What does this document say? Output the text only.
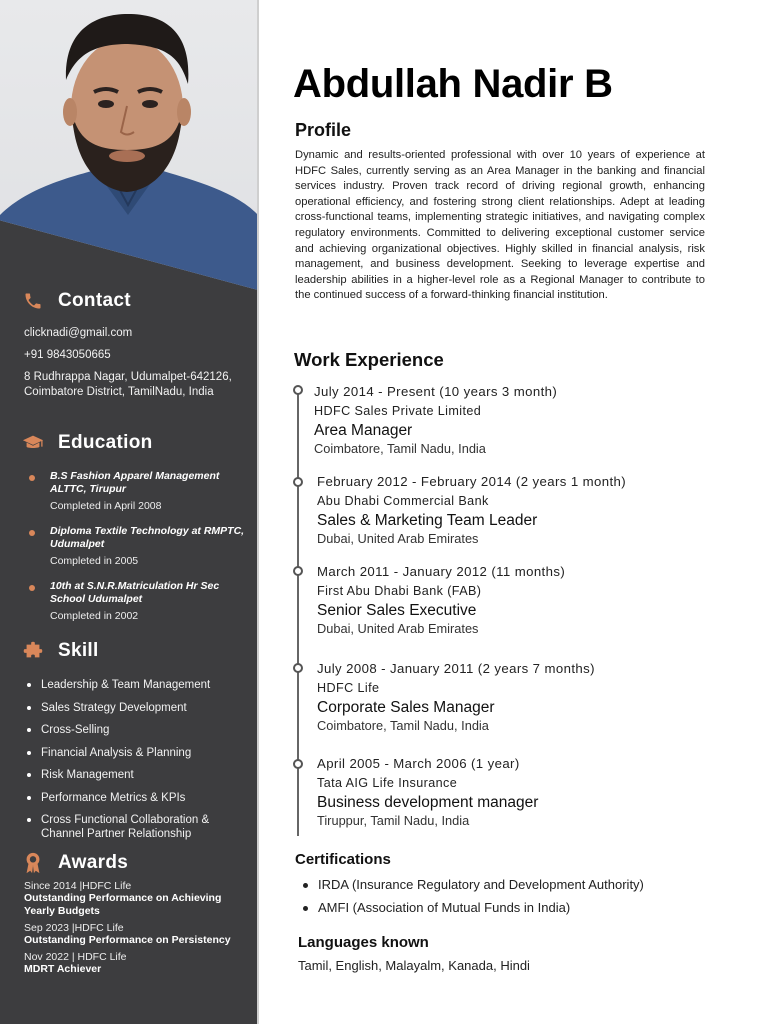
Contact
clicknadi@gmail.com
+91 9843050665
8 Rudhrappa Nagar, Udumalpet-642126, Coimbatore District, TamilNadu, India
Education
B.S Fashion Apparel Management ALTTC, Tirupur
Completed in April 2008
Diploma Textile Technology at RMPTC, Udumalpet
Completed in 2005
10th at S.N.R.Matriculation Hr Sec School Udumalpet
Completed in 2002
Skill
Leadership & Team Management
Sales Strategy Development
Cross-Selling
Financial Analysis & Planning
Risk Management
Performance Metrics & KPIs
Cross Functional Collaboration & Channel Partner Relationship
Awards
Since 2014 |HDFC Life
Outstanding Performance on Achieving Yearly Budgets
Sep 2023 |HDFC Life
Outstanding Performance on Persistency
Nov 2022 | HDFC Life
MDRT Achiever
Abdullah Nadir B
Profile
Dynamic and results-oriented professional with over 10 years of experience at HDFC Sales, currently serving as an Area Manager in the banking and financial services industry. Proven track record of driving regional growth, enhancing operational efficiency, and fostering strong client relationships. Adept at leading cross-functional teams, implementing strategic initiatives, and navigating complex regulatory environments. Committed to delivering exceptional customer service and achieving organizational objectives. Highly skilled in financial analysis, risk management, and business development. Seeking to leverage expertise and leadership abilities in a higher-level role as a Regional Manager to contribute to the continued success of a forward-thinking financial institution.
Work Experience
July 2014 - Present (10 years 3 month)
HDFC Sales Private Limited
Area Manager
Coimbatore, Tamil Nadu, India
February 2012 - February 2014 (2 years 1 month)
Abu Dhabi Commercial Bank
Sales & Marketing Team Leader
Dubai, United Arab Emirates
March 2011 - January 2012 (11 months)
First Abu Dhabi Bank (FAB)
Senior Sales Executive
Dubai, United Arab Emirates
July 2008 - January 2011 (2 years 7 months)
HDFC Life
Corporate Sales Manager
Coimbatore, Tamil Nadu, India
April 2005 - March 2006 (1 year)
Tata AIG Life Insurance
Business development manager
Tiruppur, Tamil Nadu, India
Certifications
IRDA (Insurance Regulatory and Development Authority)
AMFI (Association of Mutual Funds in India)
Languages known
Tamil, English, Malayalm, Kanada, Hindi
